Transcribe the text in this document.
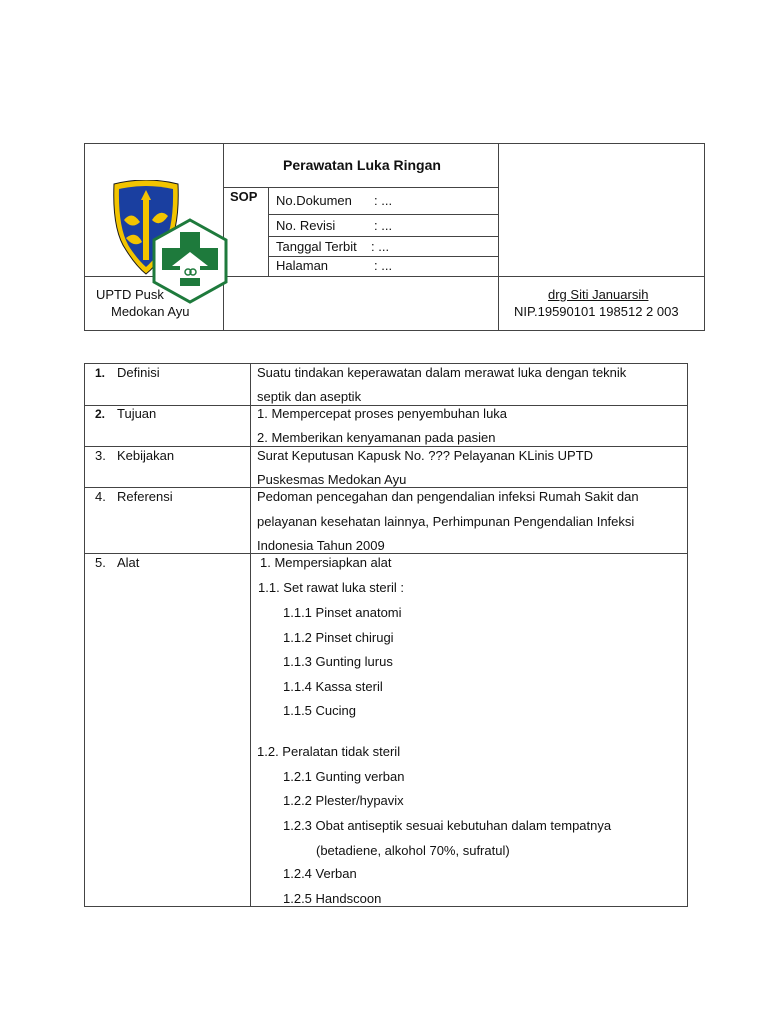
Perawatan Luka Ringan
SOP No.Dokumen : ...
No. Revisi	: ...
Tanggal Terbit : ...
Halaman	: ...
UPTD Pusk
Medokan Ayu
drg Siti Januarsih
NIP.19590101 198512 2 003
1. Definisi
2. Tujuan
3. Kebijakan
4. Referensi
5. Alat
Suatu tindakan keperawatan dalam merawat luka dengan teknik
septik dan aseptik
1. Mempercepat proses penyembuhan luka
2. Memberikan kenyamanan pada pasien
Surat Keputusan Kapusk No. ??? Pelayanan KLinis UPTD
Puskesmas Medokan Ayu
Pedoman pencegahan dan pengendalian infeksi Rumah Sakit dan
pelayanan kesehatan lainnya, Perhimpunan Pengendalian Infeksi
Indonesia Tahun 2009
1. Mempersiapkan alat
1.1. Set rawat luka steril :
1.1.1 Pinset anatomi
1.1.2 Pinset chirugi
1.1.3 Gunting lurus
1.1.4 Kassa steril
1.1.5 Cucing
1.2. Peralatan tidak steril
1.2.1 Gunting verban
1.2.2 Plester/hypavix
1.2.3 Obat antiseptik sesuai kebutuhan dalam tempatnya
(betadiene, alkohol 70%, sufratul)
1.2.4 Verban
1.2.5 Handscoon
